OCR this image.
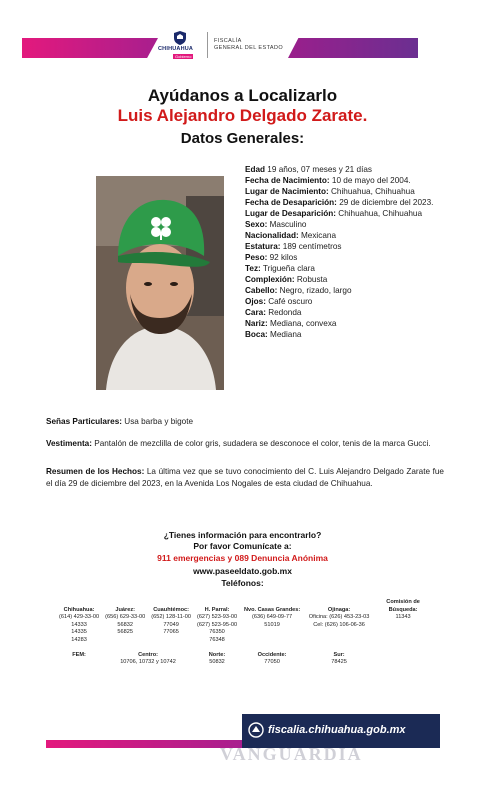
CHIHUAHUA
Gobierno
FISCALÍA
GENERAL DEL ESTADO
Ayúdanos a Localizarlo
Luis Alejandro Delgado Zarate.
Datos Generales:
Edad 19 años, 07 meses y 21 días
Fecha de Nacimiento: 10 de mayo del 2004.
Lugar de Nacimiento: Chihuahua, Chihuahua
Fecha de Desaparición: 29 de diciembre del 2023.
Lugar de Desaparición: Chihuahua, Chihuahua
Sexo: Masculino
Nacionalidad: Mexicana
Estatura: 189 centímetros
Peso: 92 kilos
Tez: Trigueña clara
Complexión: Robusta
Cabello: Negro, rizado, largo
Ojos: Café oscuro
Cara: Redonda
Nariz: Mediana, convexa
Boca: Mediana
Señas Particulares: Usa barba y bigote
Vestimenta: Pantalón de mezclilla de color gris, sudadera se desconoce el color, tenis de la marca Gucci.
Resumen de los Hechos: La última vez que se tuvo conocimiento del C. Luis Alejandro Delgado Zarate fue el día 29 de diciembre del 2023, en la Avenida Los Nogales de esta ciudad de Chihuahua.
¿Tienes información para encontrarlo?
Por favor Comunícate a:
911 emergencias y 089 Denuncia Anónima
www.paseeldato.gob.mx
Teléfonos:
Chihuahua:	Juárez:	Cuauhtémoc:	H. Parral:	Nvo. Casas Grandes:	Ojinaga:	Comisión de Búsqueda:
(614) 429-33-00	(656) 629-33-00	(652) 128-11-00	(627) 523-93-00	(636) 649-09-77	Oficina: (626) 453-23-03	11343
14333	56832	77049	(627) 523-95-00	51019	Cel: (626) 106-06-36	
14335	56825	77065	76350			
14283			76348			

FEM:	Centro:		Norte:	Occidente:	Sur:	
	10706, 10732 y 10742		50832	77050	78425	
fiscalia.chihuahua.gob.mx
VANGUARDIA
